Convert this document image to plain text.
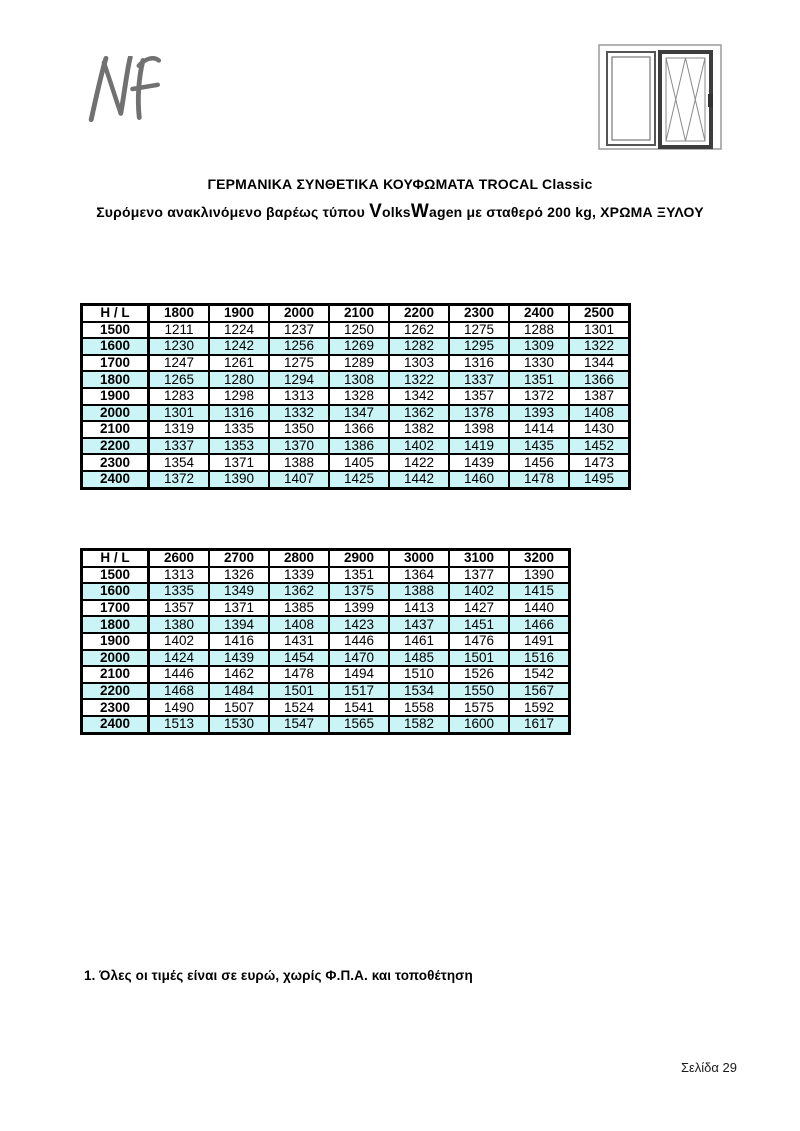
ΓΕΡΜΑΝΙΚΑ ΣΥΝΘΕΤΙΚΑ ΚΟΥΦΩΜΑΤΑ TROCAL Classic
Συρόμενο ανακλινόμενο βαρέως τύπου VolksWagen με σταθερό 200 kg, ΧΡΩΜΑ ΞΥΛΟΥ
H / L	1800	1900	2000	2100	2200	2300	2400	2500
1500	1211	1224	1237	1250	1262	1275	1288	1301
1600	1230	1242	1256	1269	1282	1295	1309	1322
1700	1247	1261	1275	1289	1303	1316	1330	1344
1800	1265	1280	1294	1308	1322	1337	1351	1366
1900	1283	1298	1313	1328	1342	1357	1372	1387
2000	1301	1316	1332	1347	1362	1378	1393	1408
2100	1319	1335	1350	1366	1382	1398	1414	1430
2200	1337	1353	1370	1386	1402	1419	1435	1452
2300	1354	1371	1388	1405	1422	1439	1456	1473
2400	1372	1390	1407	1425	1442	1460	1478	1495
H / L	2600	2700	2800	2900	3000	3100	3200
1500	1313	1326	1339	1351	1364	1377	1390
1600	1335	1349	1362	1375	1388	1402	1415
1700	1357	1371	1385	1399	1413	1427	1440
1800	1380	1394	1408	1423	1437	1451	1466
1900	1402	1416	1431	1446	1461	1476	1491
2000	1424	1439	1454	1470	1485	1501	1516
2100	1446	1462	1478	1494	1510	1526	1542
2200	1468	1484	1501	1517	1534	1550	1567
2300	1490	1507	1524	1541	1558	1575	1592
2400	1513	1530	1547	1565	1582	1600	1617
1. Όλες οι τιμές είναι σε ευρώ, χωρίς Φ.Π.Α. και τοποθέτηση
Σελίδα 29
